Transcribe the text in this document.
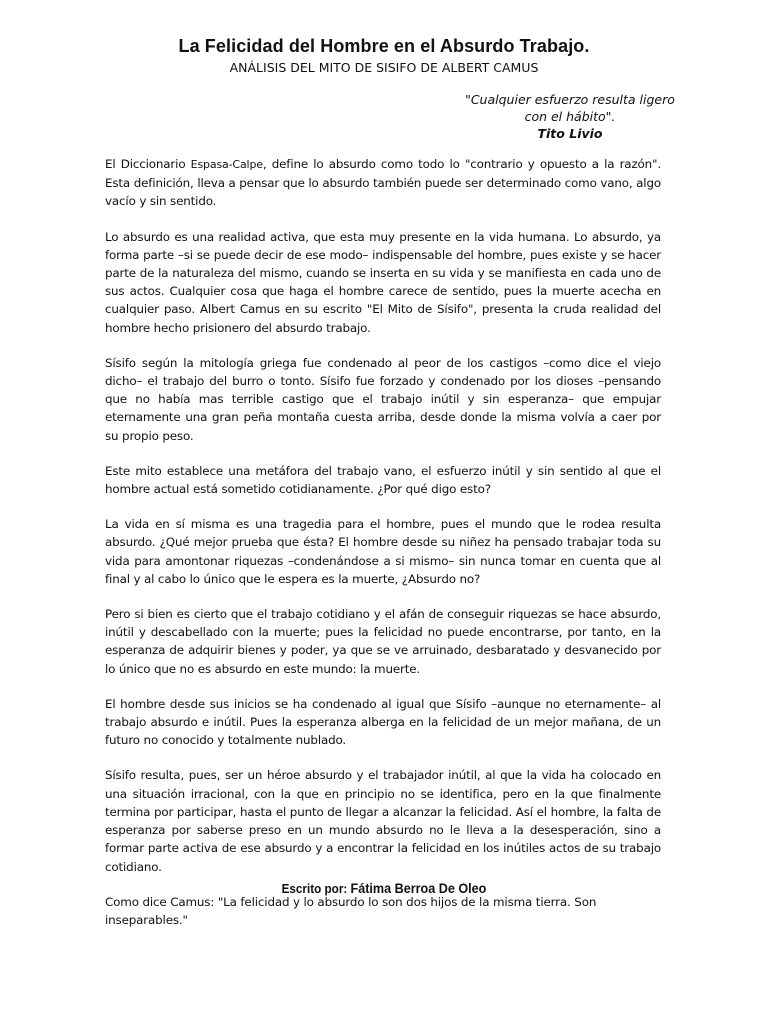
La Felicidad del Hombre en el Absurdo Trabajo.
ANÁLISIS DEL MITO DE SISIFO DE ALBERT CAMUS
"Cualquier esfuerzo resulta ligero
con el hábito".
Tito Livio

El Diccionario Espasa-Calpe, define lo absurdo como todo lo "contrario y opuesto a la razón". Esta definición, lleva a pensar que lo absurdo también puede ser determinado como vano, algo vacío y sin sentido.

Lo absurdo es una realidad activa, que esta muy presente en la vida humana. Lo absurdo, ya forma parte –si se puede decir de ese modo– indispensable del hombre, pues existe y se hacer parte de la naturaleza del mismo, cuando se inserta en su vida y se manifiesta en cada uno de sus actos. Cualquier cosa que haga el hombre carece de sentido, pues la muerte acecha en cualquier paso. Albert Camus en su escrito "El Mito de Sísifo", presenta la cruda realidad del hombre hecho prisionero del absurdo trabajo.

Sísifo según la mitología griega fue condenado al peor de los castigos –como dice el viejo dicho– el trabajo del burro o tonto. Sísifo fue forzado y condenado por los dioses –pensando que no había mas terrible castigo que el trabajo inútil y sin esperanza– que empujar eternamente una gran peña montaña cuesta arriba, desde donde la misma volvía a caer por su propio peso.

Este mito establece una metáfora del trabajo vano, el esfuerzo inútil y sin sentido al que el hombre actual está sometido cotidianamente. ¿Por qué digo esto?

La vida en sí misma es una tragedia para el hombre, pues el mundo que le rodea resulta absurdo. ¿Qué mejor prueba que ésta? El hombre desde su niñez ha pensado trabajar toda su vida para amontonar riquezas –condenándose a si mismo– sin nunca tomar en cuenta que al final y al cabo lo único que le espera es la muerte, ¿Absurdo no?

Pero si bien es cierto que el trabajo cotidiano y el afán de conseguir riquezas se hace absurdo, inútil y descabellado con la muerte; pues la felicidad no puede encontrarse, por tanto, en la esperanza de adquirir bienes y poder, ya que se ve arruinado, desbaratado y desvanecido por lo único que no es absurdo en este mundo: la muerte.

El hombre desde sus inicios se ha condenado al igual que Sísifo –aunque no eternamente– al trabajo absurdo e inútil. Pues la esperanza alberga en la felicidad de un mejor mañana, de un futuro no conocido y totalmente nublado.

Sísifo resulta, pues, ser un héroe absurdo y el trabajador inútil, al que la vida ha colocado en una situación irracional, con la que en principio no se identifica, pero en la que finalmente termina por participar, hasta el punto de llegar a alcanzar la felicidad. Así el hombre, la falta de esperanza por saberse preso en un mundo absurdo no le lleva a la desesperación, sino a formar parte activa de ese absurdo y a encontrar la felicidad en los inútiles actos de su trabajo cotidiano.

Como dice Camus: "La felicidad y lo absurdo lo son dos hijos de la misma tierra. Son inseparables."

Escrito por: Fátima Berroa De Oleo
